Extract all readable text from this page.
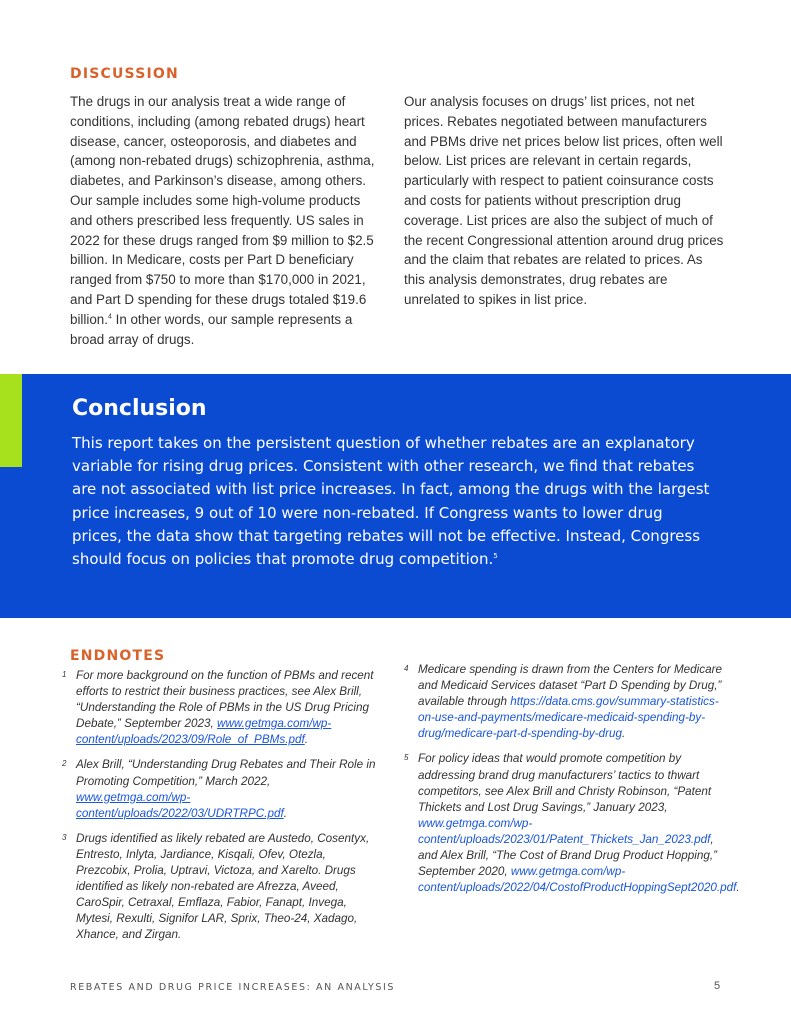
DISCUSSION
The drugs in our analysis treat a wide range of conditions, including (among rebated drugs) heart disease, cancer, osteoporosis, and diabetes and (among non-rebated drugs) schizophrenia, asthma, diabetes, and Parkinson’s disease, among others. Our sample includes some high-volume products and others prescribed less frequently. US sales in 2022 for these drugs ranged from $9 million to $2.5 billion. In Medicare, costs per Part D beneficiary ranged from $750 to more than $170,000 in 2021, and Part D spending for these drugs totaled $19.6 billion.$^4$ In other words, our sample represents a broad array of drugs.
Our analysis focuses on drugs’ list prices, not net prices. Rebates negotiated between manufacturers and PBMs drive net prices below list prices, often well below. List prices are relevant in certain regards, particularly with respect to patient coinsurance costs and costs for patients without prescription drug coverage. List prices are also the subject of much of the recent Congressional attention around drug prices and the claim that rebates are related to prices. As this analysis demonstrates, drug rebates are unrelated to spikes in list price.
Conclusion

This report takes on the persistent question of whether rebates are an explanatory variable for rising drug prices. Consistent with other research, we find that rebates are not associated with list price increases. In fact, among the drugs with the largest price increases, 9 out of 10 were non-rebated. If Congress wants to lower drug prices, the data show that targeting rebates will not be effective. Instead, Congress should focus on policies that promote drug competition.$^5$

ENDNOTES

1 For more background on the function of PBMs and recent efforts to restrict their business practices, see Alex Brill, “Understanding the Role of PBMs in the US Drug Pricing Debate,” September 2023, www.getmga.com/wp-content/uploads/2023/09/Role_of_PBMs.pdf.

2 Alex Brill, “Understanding Drug Rebates and Their Role in Promoting Competition,” March 2022, www.getmga.com/wp-content/uploads/2022/03/UDRTRPC.pdf.

3 Drugs identified as likely rebated are Austedo, Cosentyx, Entresto, Inlyta, Jardiance, Kisqali, Ofev, Otezla, Prezcobix, Prolia, Uptravi, Victoza, and Xarelto. Drugs identified as likely non-rebated are Afrezza, Aveed, CaroSpir, Cetraxal, Emflaza, Fabior, Fanapt, Invega, Mytesi, Rexulti, Signifor LAR, Sprix, Theo-24, Xadago, Xhance, and Zirgan.

4 Medicare spending is drawn from the Centers for Medicare and Medicaid Services dataset “Part D Spending by Drug,” available through https://data.cms.gov/summary-statistics-on-use-and-payments/medicare-medicaid-spending-by-drug/medicare-part-d-spending-by-drug.

5 For policy ideas that would promote competition by addressing brand drug manufacturers’ tactics to thwart competitors, see Alex Brill and Christy Robinson, “Patent Thickets and Lost Drug Savings,” January 2023, www.getmga.com/wp-content/uploads/2023/01/Patent_Thickets_Jan_2023.pdf, and Alex Brill, “The Cost of Brand Drug Product Hopping,” September 2020, www.getmga.com/wp-content/uploads/2022/04/CostofProductHoppingSept2020.pdf.

REBATES AND DRUG PRICE INCREASES: AN ANALYSIS	5
